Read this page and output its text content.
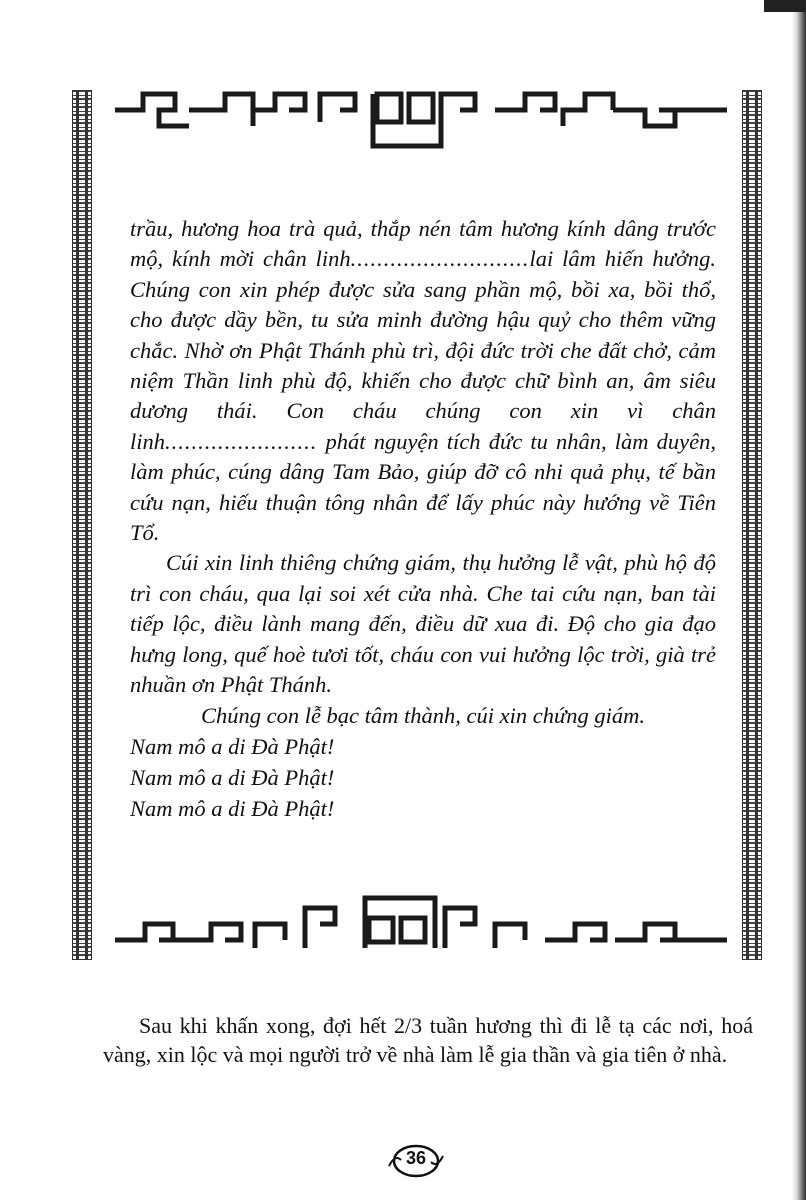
trầu, hương hoa trà quả, thắp nén tâm hương kính dâng trước mộ, kính mời chân linh...........................lai lâm hiến hưởng. Chúng con xin phép được sửa sang phần mộ, bồi xa, bồi thổ, cho được dầy bền, tu sửa minh đường hậu quỷ cho thêm vững chắc. Nhờ ơn Phật Thánh phù trì, đội đức trời che đất chở, cảm niệm Thần linh phù độ, khiến cho được chữ bình an, âm siêu dương thái. Con cháu chúng con xin vì chân linh....................... phát nguyện tích đức tu nhân, làm duyên, làm phúc, cúng dâng Tam Bảo, giúp đỡ cô nhi quả phụ, tế bần cứu nạn, hiếu thuận tông nhân để lấy phúc này hướng về Tiên Tổ.

Cúi xin linh thiêng chứng giám, thụ hưởng lễ vật, phù hộ độ trì con cháu, qua lại soi xét cửa nhà. Che tai cứu nạn, ban tài tiếp lộc, điều lành mang đến, điều dữ xua đi. Độ cho gia đạo hưng long, quế hoè tươi tốt, cháu con vui hưởng lộc trời, già trẻ nhuần ơn Phật Thánh.

Chúng con lễ bạc tâm thành, cúi xin chứng giám.

Nam mô a di Đà Phật!

Nam mô a di Đà Phật!

Nam mô a di Đà Phật!

Sau khi khấn xong, đợi hết 2/3 tuần hương thì đi lễ tạ các nơi, hoá vàng, xin lộc và mọi người trở về nhà làm lễ gia thần và gia tiên ở nhà.

36
